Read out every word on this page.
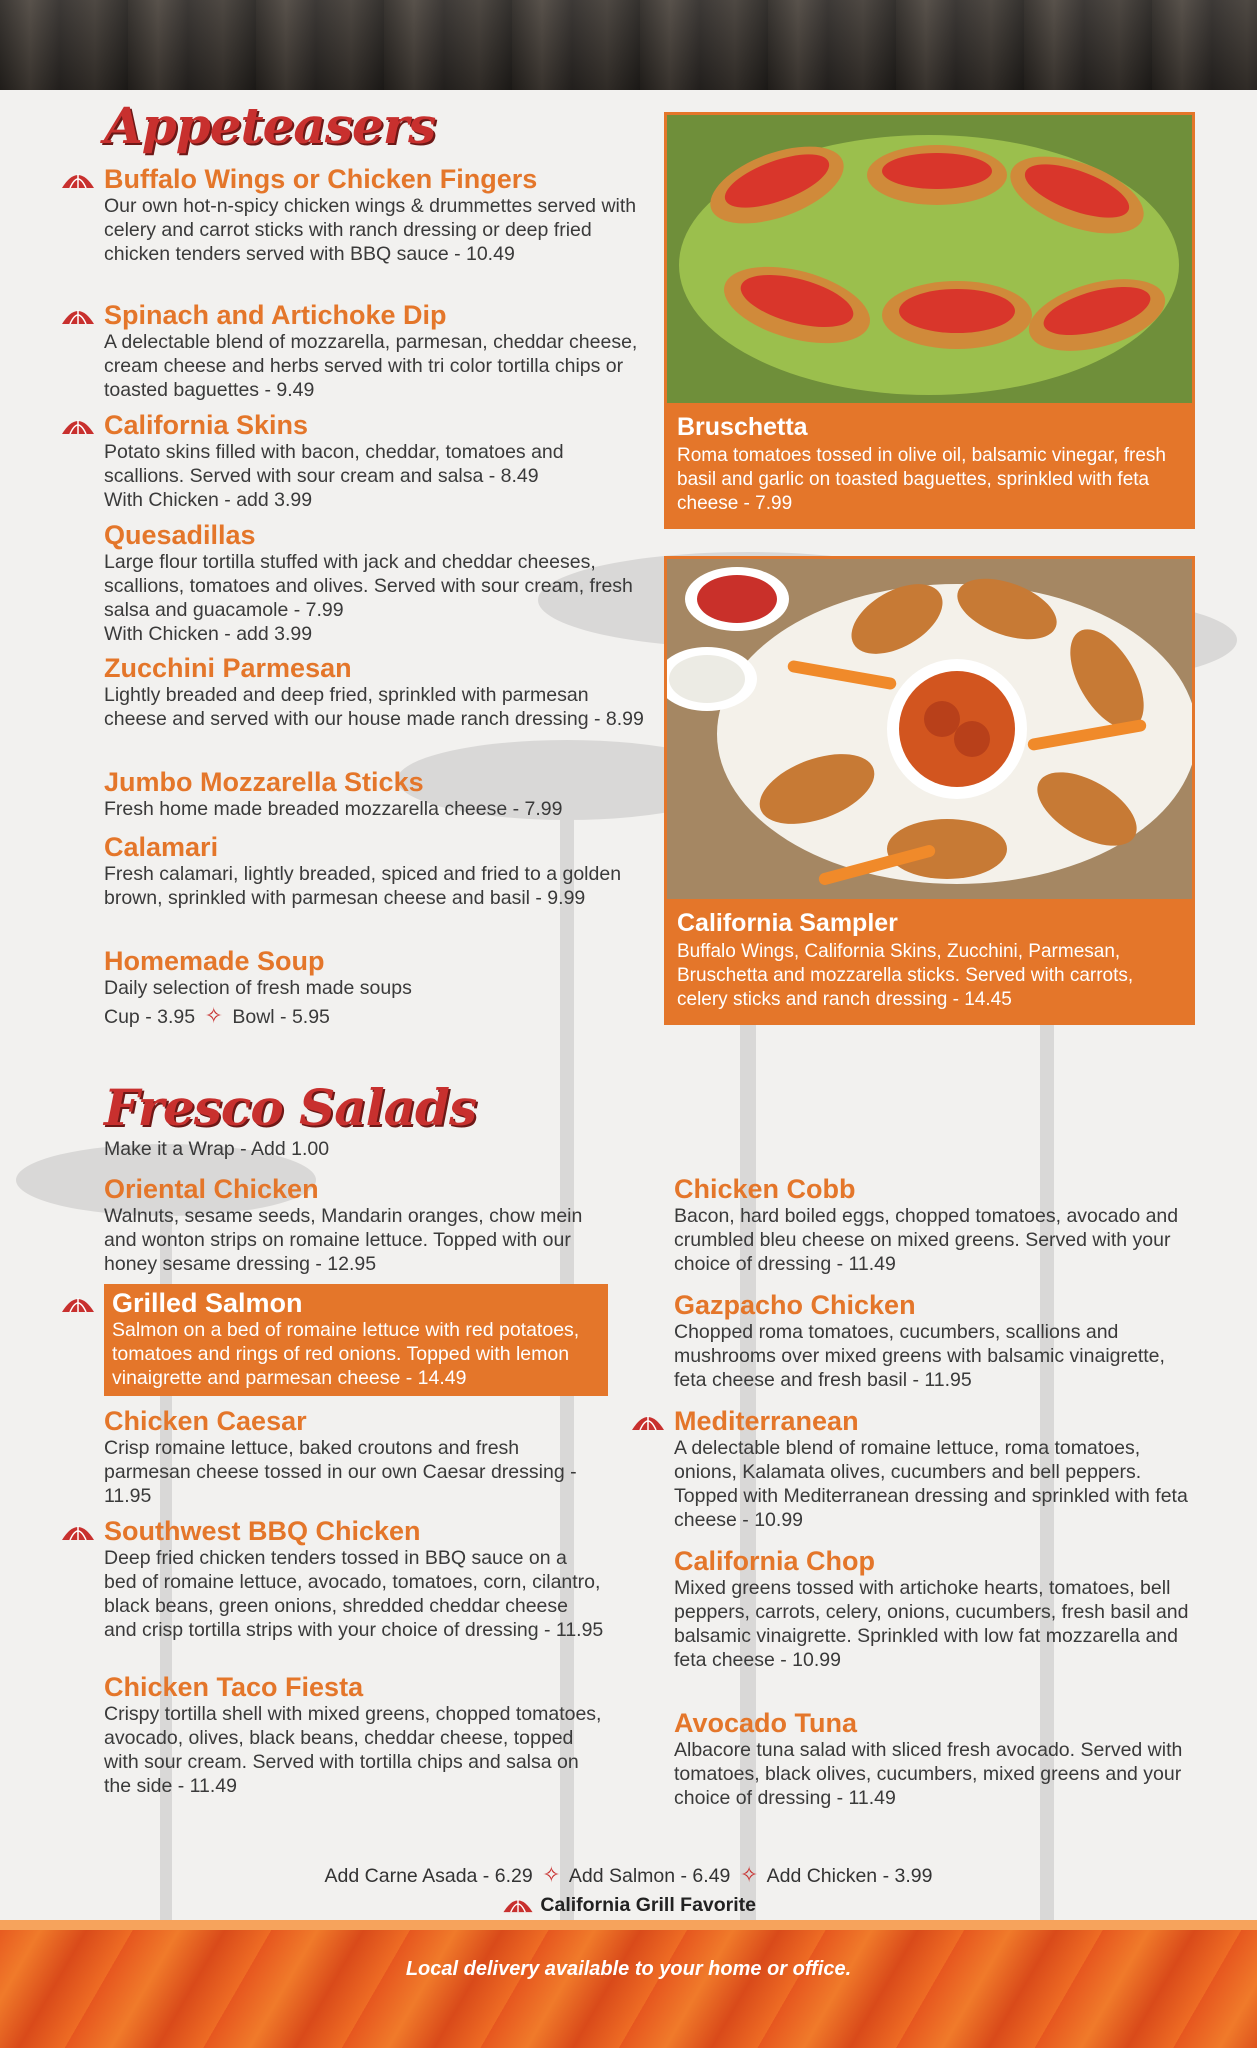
Appeteasers
Buffalo Wings or Chicken Fingers

Our own hot-n-spicy chicken wings & drummettes served with celery and carrot sticks with ranch dressing or deep fried chicken tenders served with BBQ sauce - 10.49

Spinach and Artichoke Dip

A delectable blend of mozzarella, parmesan, cheddar cheese, cream cheese and herbs served with tri color tortilla chips or toasted baguettes - 9.49

California Skins

Potato skins filled with bacon, cheddar, tomatoes and scallions. Served with sour cream and salsa - 8.49

With Chicken - add 3.99

Quesadillas

Large flour tortilla stuffed with jack and cheddar cheeses, scallions, tomatoes and olives. Served with sour cream, fresh salsa and guacamole - 7.99

With Chicken - add 3.99

Zucchini Parmesan

Lightly breaded and deep fried, sprinkled with parmesan cheese and served with our house made ranch dressing - 8.99

Jumbo Mozzarella Sticks

Fresh home made breaded mozzarella cheese - 7.99

Calamari

Fresh calamari, lightly breaded, spiced and fried to a golden brown, sprinkled with parmesan cheese and basil - 9.99

Homemade Soup

Daily selection of fresh made soups

Cup - 3.95 ✧ Bowl - 5.95

Bruschetta

Roma tomatoes tossed in olive oil, balsamic vinegar, fresh basil and garlic on toasted baguettes, sprinkled with feta cheese - 7.99

California Sampler

Buffalo Wings, California Skins, Zucchini, Parmesan, Bruschetta and mozzarella sticks. Served with carrots, celery sticks and ranch dressing - 14.45

Fresco Salads

Make it a Wrap - Add 1.00

Oriental Chicken

Walnuts, sesame seeds, Mandarin oranges, chow mein and wonton strips on romaine lettuce. Topped with our honey sesame dressing - 12.95

Grilled Salmon

Salmon on a bed of romaine lettuce with red potatoes, tomatoes and rings of red onions. Topped with lemon vinaigrette and parmesan cheese - 14.49

Chicken Caesar

Crisp romaine lettuce, baked croutons and fresh parmesan cheese tossed in our own Caesar dressing - 11.95

Southwest BBQ Chicken

Deep fried chicken tenders tossed in BBQ sauce on a bed of romaine lettuce, avocado, tomatoes, corn, cilantro, black beans, green onions, shredded cheddar cheese and crisp tortilla strips with your choice of dressing - 11.95

Chicken Taco Fiesta

Crispy tortilla shell with mixed greens, chopped tomatoes, avocado, olives, black beans, cheddar cheese, topped with sour cream. Served with tortilla chips and salsa on the side - 11.49

Chicken Cobb

Bacon, hard boiled eggs, chopped tomatoes, avocado and crumbled bleu cheese on mixed greens. Served with your choice of dressing - 11.49

Gazpacho Chicken

Chopped roma tomatoes, cucumbers, scallions and mushrooms over mixed greens with balsamic vinaigrette, feta cheese and fresh basil - 11.95

Mediterranean

A delectable blend of romaine lettuce, roma tomatoes, onions, Kalamata olives, cucumbers and bell peppers. Topped with Mediterranean dressing and sprinkled with feta cheese - 10.99

California Chop

Mixed greens tossed with artichoke hearts, tomatoes, bell peppers, carrots, celery, onions, cucumbers, fresh basil and balsamic vinaigrette. Sprinkled with low fat mozzarella and feta cheese - 10.99

Avocado Tuna

Albacore tuna salad with sliced fresh avocado. Served with tomatoes, black olives, cucumbers, mixed greens and your choice of dressing - 11.49

Add Carne Asada - 6.29 ✧ Add Salmon - 6.49 ✧ Add Chicken - 3.99

California Grill Favorite

Local delivery available to your home or office.
